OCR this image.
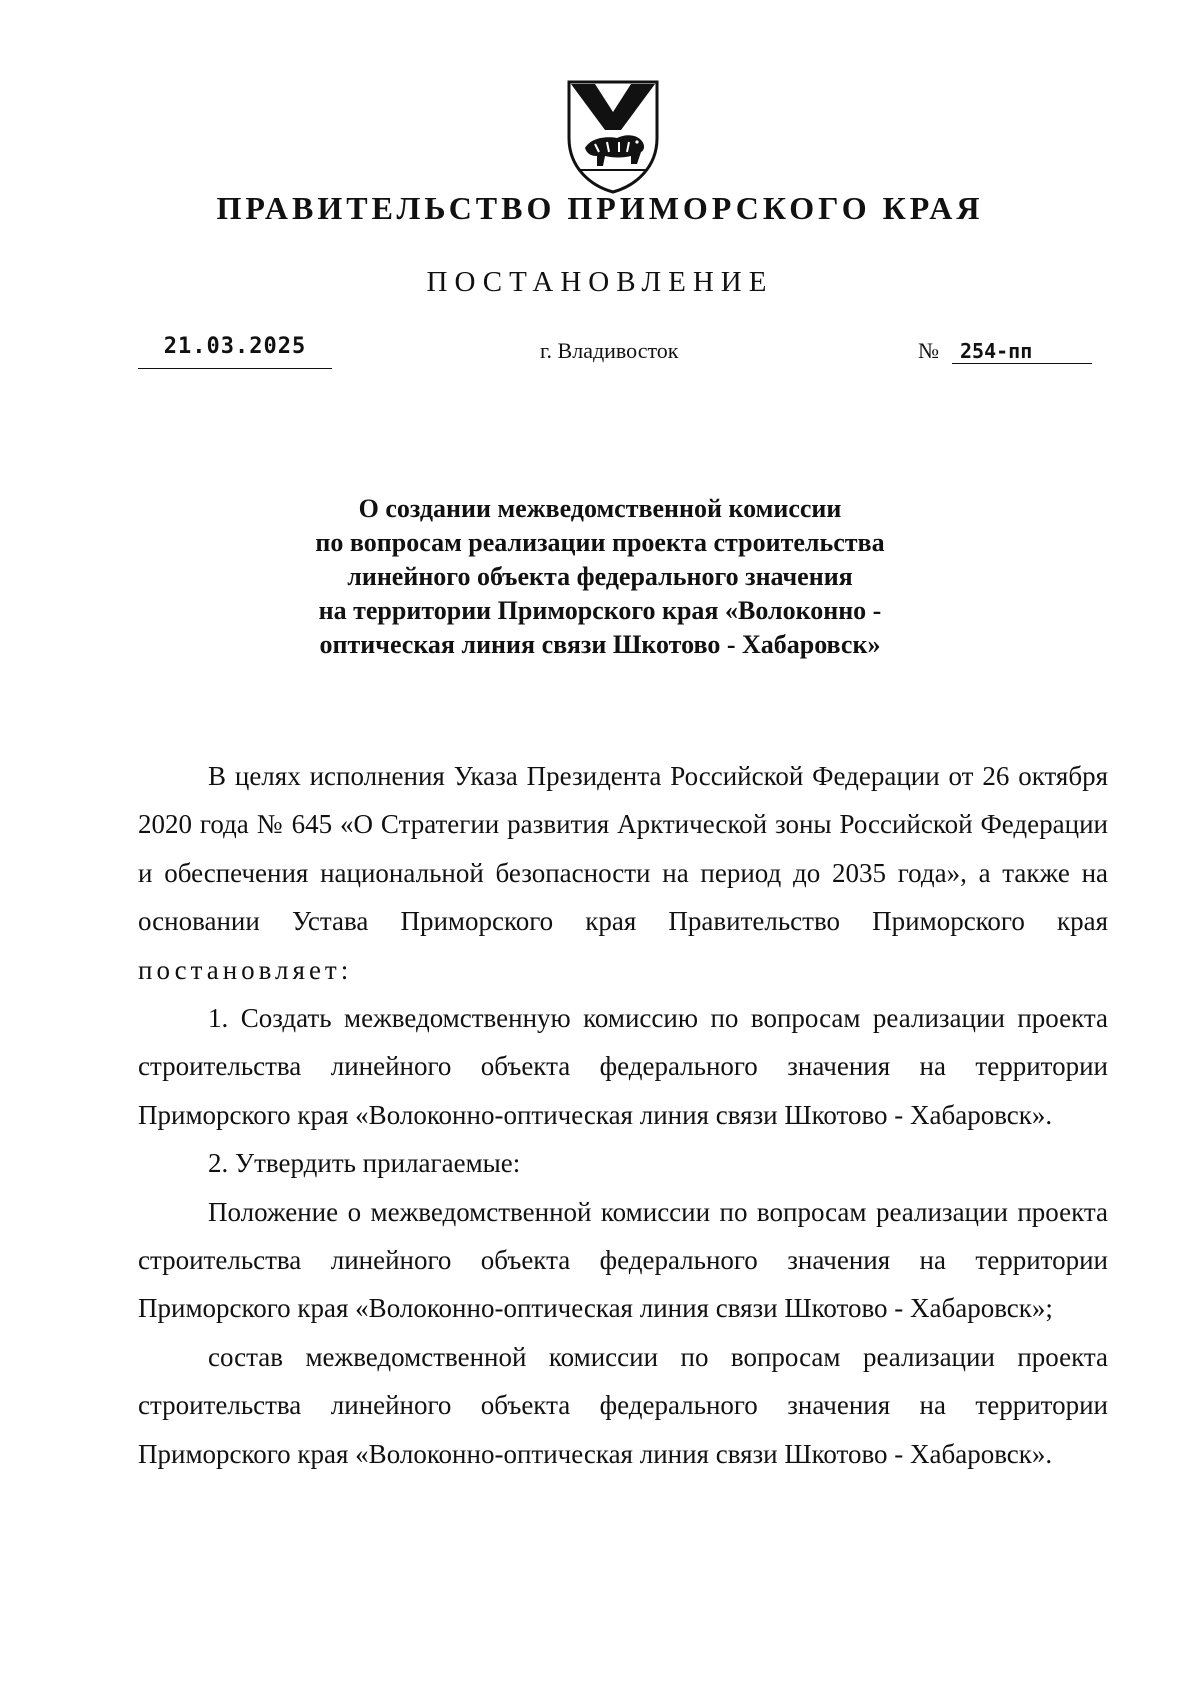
ПРАВИТЕЛЬСТВО ПРИМОРСКОГО КРАЯ
ПОСТАНОВЛЕНИЕ
21.03.2025	г. Владивосток	№ 254-пп
О создании межведомственной комиссии
по вопросам реализации проекта строительства
линейного объекта федерального значения
на территории Приморского края «Волоконно -
оптическая линия связи Шкотово - Хабаровск»

В целях исполнения Указа Президента Российской Федерации от 26 октября 2020 года № 645 «О Стратегии развития Арктической зоны Российской Федерации и обеспечения национальной безопасности на период до 2035 года», а также на основании Устава Приморского края Правительство Приморского края постановляет:

1. Создать межведомственную комиссию по вопросам реализации проекта строительства линейного объекта федерального значения на территории Приморского края «Волоконно-оптическая линия связи Шкотово - Хабаровск».

2. Утвердить прилагаемые:

Положение о межведомственной комиссии по вопросам реализации проекта строительства линейного объекта федерального значения на территории Приморского края «Волоконно-оптическая линия связи Шкотово - Хабаровск»;

состав межведомственной комиссии по вопросам реализации проекта строительства линейного объекта федерального значения на территории Приморского края «Волоконно-оптическая линия связи Шкотово - Хабаровск».
